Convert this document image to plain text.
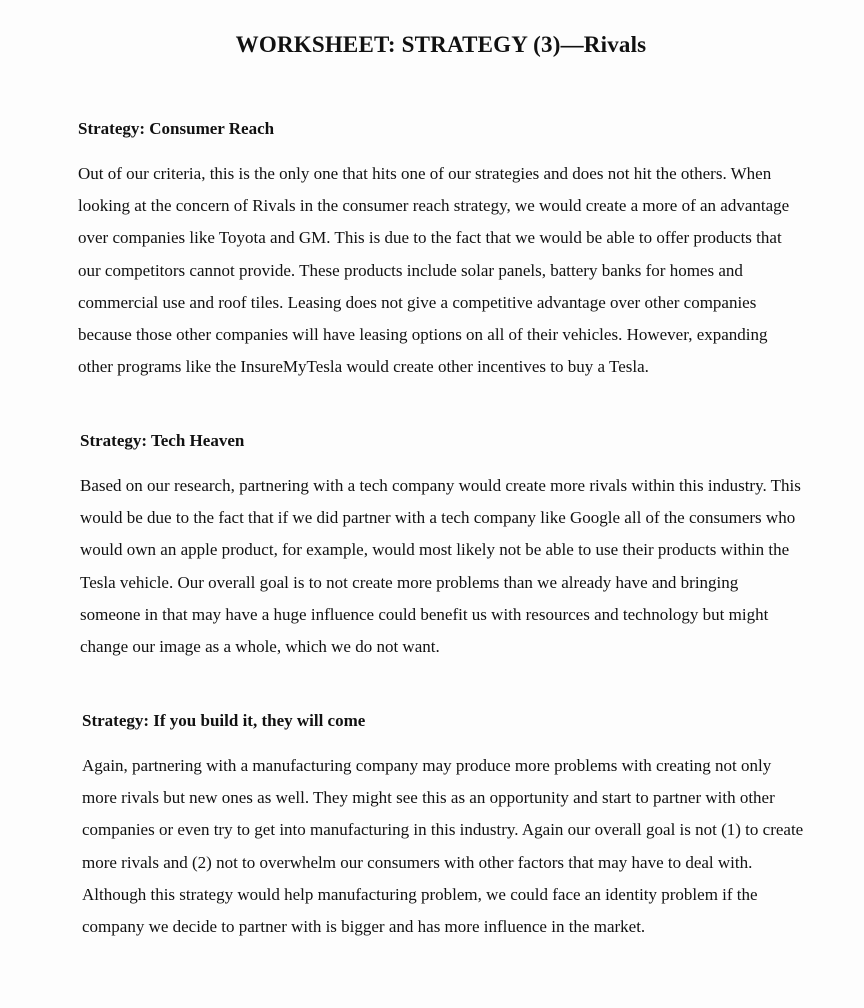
WORKSHEET: STRATEGY (3)—Rivals

Strategy: Consumer Reach

Out of our criteria, this is the only one that hits one of our strategies and does not hit the others. When looking at the concern of Rivals in the consumer reach strategy, we would create a more of an advantage over companies like Toyota and GM. This is due to the fact that we would be able to offer products that our competitors cannot provide. These products include solar panels, battery banks for homes and commercial use and roof tiles. Leasing does not give a competitive advantage over other companies because those other companies will have leasing options on all of their vehicles. However, expanding other programs like the InsureMyTesla would create other incentives to buy a Tesla.

Strategy: Tech Heaven

Based on our research, partnering with a tech company would create more rivals within this industry. This would be due to the fact that if we did partner with a tech company like Google all of the consumers who would own an apple product, for example, would most likely not be able to use their products within the Tesla vehicle. Our overall goal is to not create more problems than we already have and bringing someone in that may have a huge influence could benefit us with resources and technology but might change our image as a whole, which we do not want.

Strategy: If you build it, they will come

Again, partnering with a manufacturing company may produce more problems with creating not only more rivals but new ones as well. They might see this as an opportunity and start to partner with other companies or even try to get into manufacturing in this industry. Again our overall goal is not (1) to create more rivals and (2) not to overwhelm our consumers with other factors that may have to deal with. Although this strategy would help manufacturing problem, we could face an identity problem if the company we decide to partner with is bigger and has more influence in the market.
